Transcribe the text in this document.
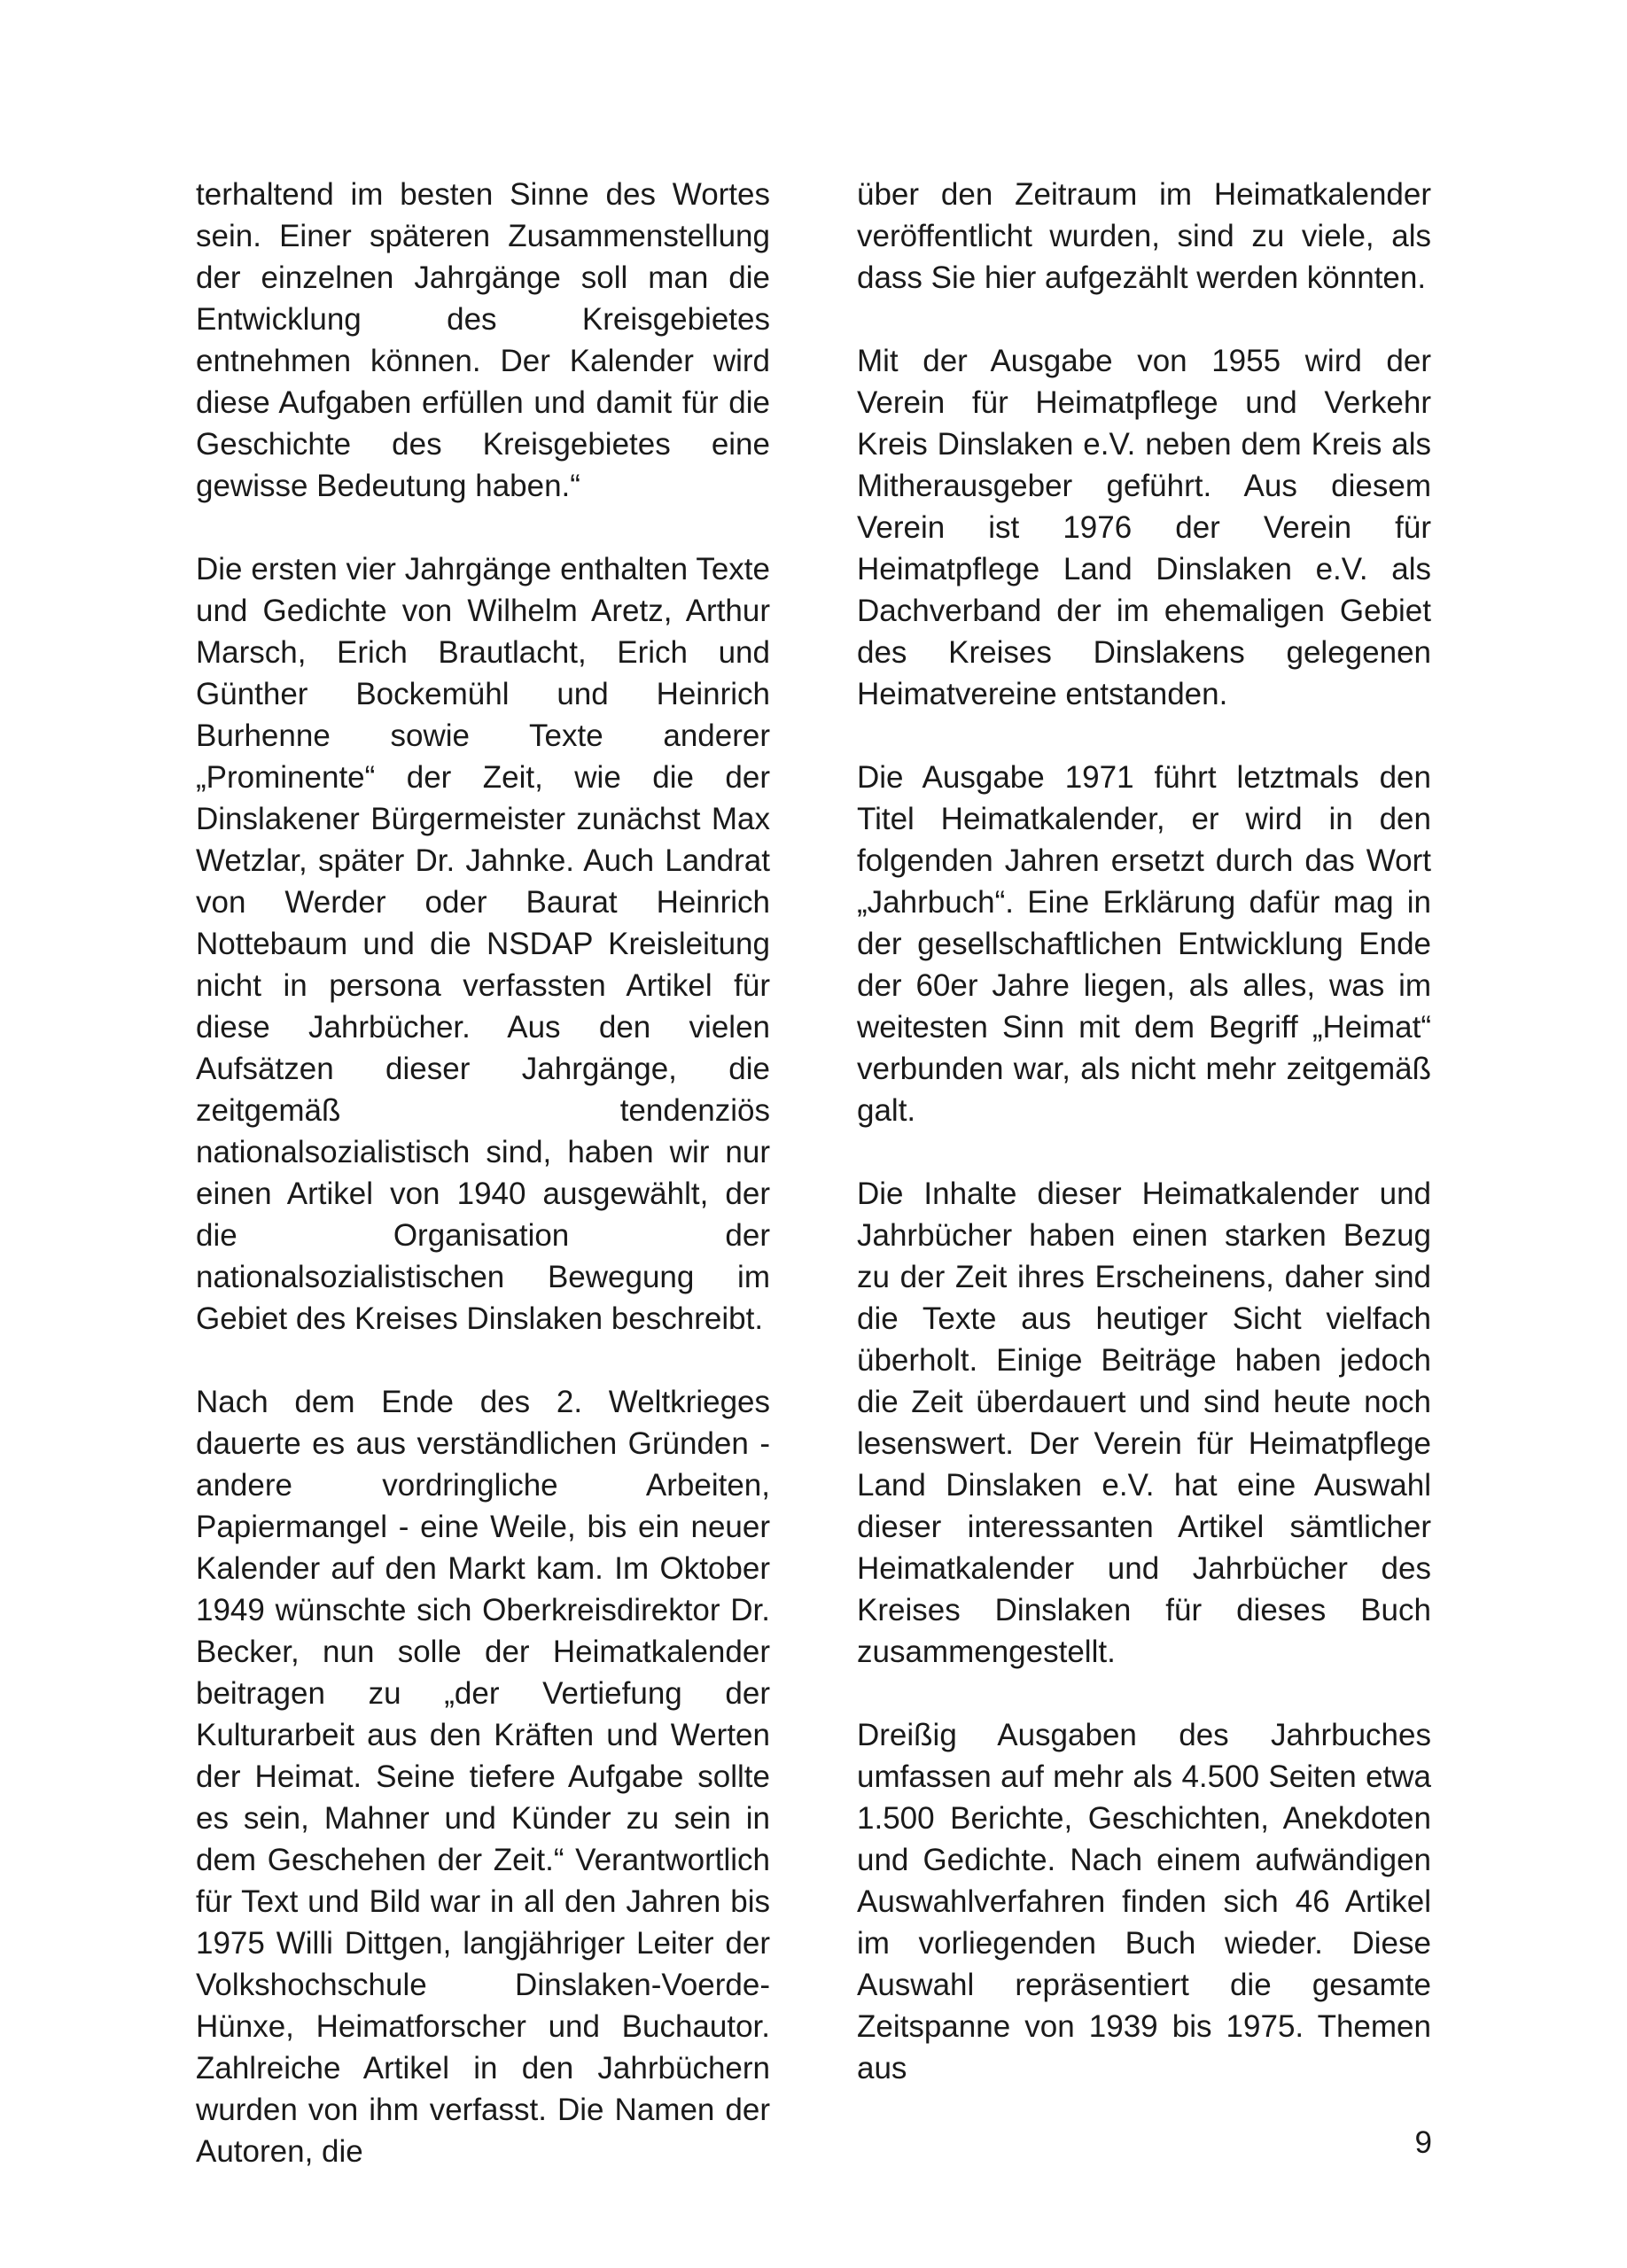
terhaltend im besten Sinne des Wortes sein. Einer späteren Zusammenstellung der einzelnen Jahrgänge soll man die Entwicklung des Kreisgebietes entnehmen können. Der Kalender wird diese Aufgaben erfüllen und damit für die Geschichte des Kreisgebietes eine gewisse Bedeutung haben.“

Die ersten vier Jahrgänge enthalten Texte und Gedichte von Wilhelm Aretz, Arthur Marsch, Erich Brautlacht, Erich und Günther Bockemühl und Heinrich Burhenne sowie Texte anderer „Prominente“ der Zeit, wie die der Dinslakener Bürgermeister zunächst Max Wetzlar, später Dr. Jahnke. Auch Landrat von Werder oder Baurat Heinrich Nottebaum und die NSDAP Kreisleitung nicht in persona verfassten Artikel für diese Jahrbücher. Aus den vielen Aufsätzen dieser Jahrgänge, die zeitgemäß tendenziös nationalsozialistisch sind, haben wir nur einen Artikel von 1940 ausgewählt, der die Organisation der nationalsozialistischen Bewegung im Gebiet des Kreises Dinslaken beschreibt.

Nach dem Ende des 2. Weltkrieges dauerte es aus verständlichen Gründen - andere vordringliche Arbeiten, Papiermangel - eine Weile, bis ein neuer Kalender auf den Markt kam. Im Oktober 1949 wünschte sich Oberkreisdirektor Dr. Becker, nun solle der Heimatkalender beitragen zu „der Vertiefung der Kulturarbeit aus den Kräften und Werten der Heimat. Seine tiefere Aufgabe sollte es sein, Mahner und Künder zu sein in dem Geschehen der Zeit.“ Verantwortlich für Text und Bild war in all den Jahren bis 1975 Willi Dittgen, langjähriger Leiter der Volkshochschule Dinslaken-Voerde-Hünxe, Heimatforscher und Buchautor. Zahlreiche Artikel in den Jahrbüchern wurden von ihm verfasst. Die Namen der Autoren, die

über den Zeitraum im Heimatkalender veröffentlicht wurden, sind zu viele, als dass Sie hier aufgezählt werden könnten.

Mit der Ausgabe von 1955 wird der Verein für Heimatpflege und Verkehr Kreis Dinslaken e.V. neben dem Kreis als Mitherausgeber geführt. Aus diesem Verein ist 1976 der Verein für Heimatpflege Land Dinslaken e.V. als Dachverband der im ehemaligen Gebiet des Kreises Dinslakens gelegenen Heimatvereine entstanden.

Die Ausgabe 1971 führt letztmals den Titel Heimatkalender, er wird in den folgenden Jahren ersetzt durch das Wort „Jahrbuch“. Eine Erklärung dafür mag in der gesellschaftlichen Entwicklung Ende der 60er Jahre liegen, als alles, was im weitesten Sinn mit dem Begriff „Heimat“ verbunden war, als nicht mehr zeitgemäß galt.

Die Inhalte dieser Heimatkalender und Jahrbücher haben einen starken Bezug zu der Zeit ihres Erscheinens, daher sind die Texte aus heutiger Sicht vielfach überholt. Einige Beiträge haben jedoch die Zeit überdauert und sind heute noch lesenswert. Der Verein für Heimatpflege Land Dinslaken e.V. hat eine Auswahl dieser interessanten Artikel sämtlicher Heimatkalender und Jahrbücher des Kreises Dinslaken für dieses Buch zusammengestellt.

Dreißig Ausgaben des Jahrbuches umfassen auf mehr als 4.500 Seiten etwa 1.500 Berichte, Geschichten, Anekdoten und Gedichte. Nach einem aufwändigen Auswahlverfahren finden sich 46 Artikel im vorliegenden Buch wieder. Diese Auswahl repräsentiert die gesamte Zeitspanne von 1939 bis 1975. Themen aus

9
